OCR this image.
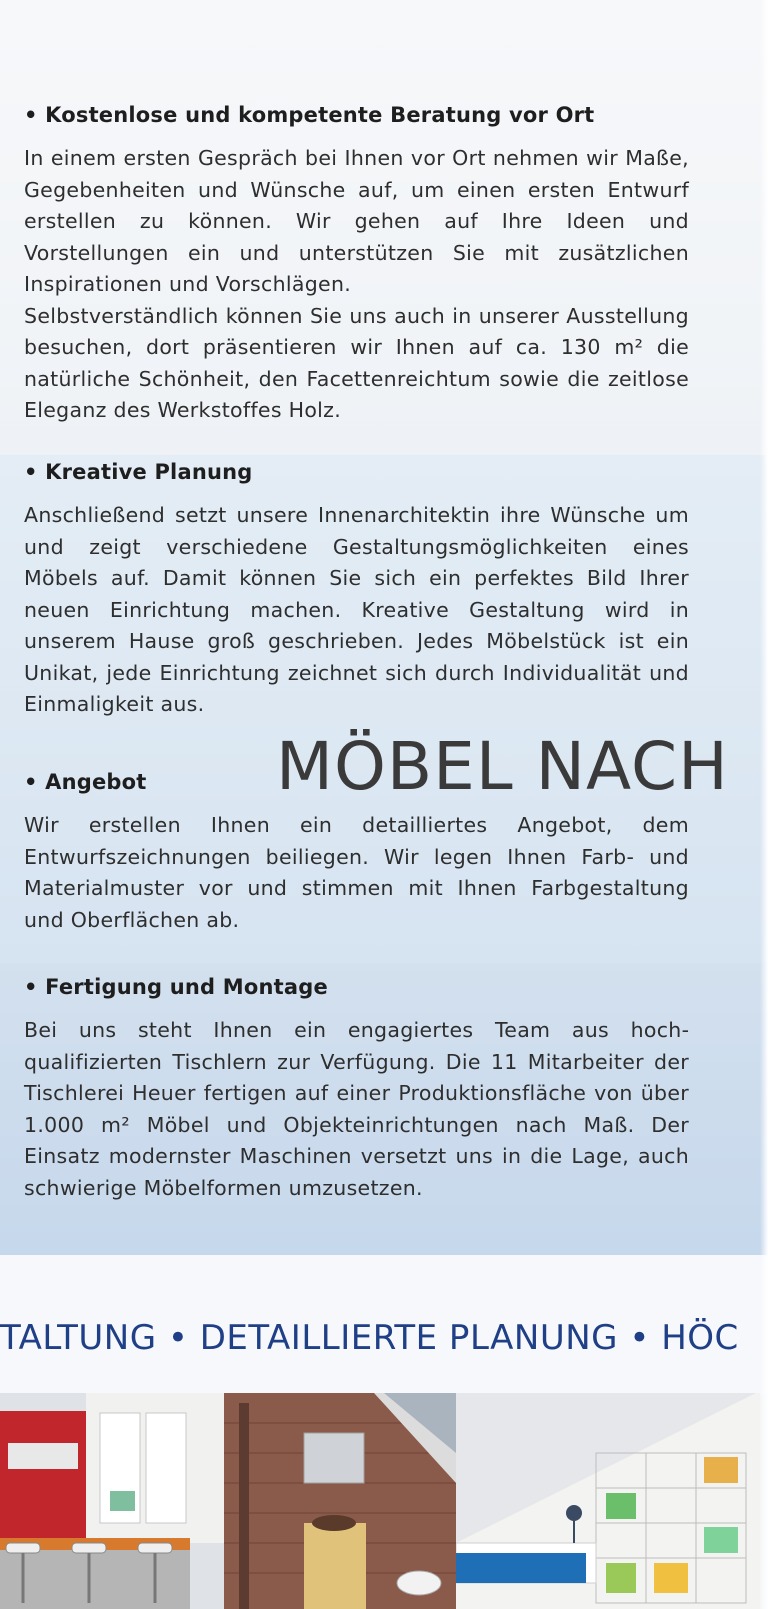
• Kostenlose und kompetente Beratung vor Ort

In einem ersten Gespräch bei Ihnen vor Ort nehmen wir Maße, Gegebenheiten und Wünsche auf, um einen ersten Entwurf erstellen zu können. Wir gehen auf Ihre Ideen und Vorstellungen ein und unterstützen Sie mit zusätzlichen Inspirationen und Vorschlägen.

Selbstverständlich können Sie uns auch in unserer Ausstellung besuchen, dort präsentieren wir Ihnen auf ca. 130 m² die natürliche Schönheit, den Facettenreichtum sowie die zeitlose Eleganz des Werkstoffes Holz.

• Kreative Planung

Anschließend setzt unsere Innenarchitektin ihre Wünsche um und zeigt verschiedene Gestaltungsmöglichkeiten eines Möbels auf. Damit können Sie sich ein perfektes Bild Ihrer neuen Einrichtung machen. Kreative Gestaltung wird in unserem Hause groß geschrieben. Jedes Möbelstück ist ein Unikat, jede Einrichtung zeichnet sich durch Individualität und Einmaligkeit aus.

MÖBEL NACH
• Angebot

Wir erstellen Ihnen ein detailliertes Angebot, dem Entwurfszeichnungen beiliegen. Wir legen Ihnen Farb- und Materialmuster vor und stimmen mit Ihnen Farbgestaltung und Oberflächen ab.

• Fertigung und Montage

Bei uns steht Ihnen ein engagiertes Team aus hochqualifizierten Tischlern zur Verfügung. Die 11 Mitarbeiter der Tischlerei Heuer fertigen auf einer Produktionsfläche von über 1.000 m² Möbel und Objekteinrichtungen nach Maß. Der Einsatz modernster Maschinen versetzt uns in die Lage, auch schwierige Möbelformen umzusetzen.

TALTUNG • DETAILLIERTE PLANUNG • HÖC
